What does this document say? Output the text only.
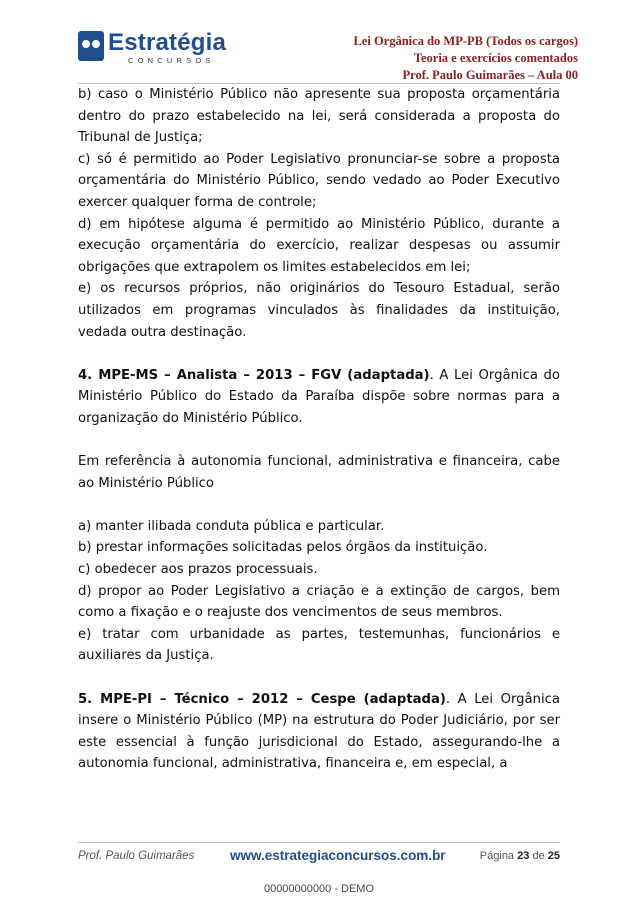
Estratégia
CONCURSOS
Lei Orgânica do MP-PB (Todos os cargos)
Teoria e exercícios comentados
Prof. Paulo Guimarães – Aula 00

b) caso o Ministério Público não apresente sua proposta orçamentária dentro do prazo estabelecido na lei, será considerada a proposta do Tribunal de Justiça;

c) só é permitido ao Poder Legislativo pronunciar-se sobre a proposta orçamentária do Ministério Público, sendo vedado ao Poder Executivo exercer qualquer forma de controle;

d) em hipótese alguma é permitido ao Ministério Público, durante a execução orçamentária do exercício, realizar despesas ou assumir obrigações que extrapolem os limites estabelecidos em lei;

e) os recursos próprios, não originários do Tesouro Estadual, serão utilizados em programas vinculados às finalidades da instituição, vedada outra destinação.

4. MPE-MS – Analista – 2013 – FGV (adaptada). A Lei Orgânica do Ministério Público do Estado da Paraíba dispõe sobre normas para a organização do Ministério Público.

Em referência à autonomia funcional, administrativa e financeira, cabe ao Ministério Público

a) manter ilibada conduta pública e particular.

b) prestar informações solicitadas pelos órgãos da instituição.

c) obedecer aos prazos processuais.

d) propor ao Poder Legislativo a criação e a extinção de cargos, bem como a fixação e o reajuste dos vencimentos de seus membros.

e) tratar com urbanidade as partes, testemunhas, funcionários e auxiliares da Justiça.

5. MPE-PI – Técnico – 2012 – Cespe (adaptada). A Lei Orgânica insere o Ministério Público (MP) na estrutura do Poder Judiciário, por ser este essencial à função jurisdicional do Estado, assegurando-lhe a autonomia funcional, administrativa, financeira e, em especial, a

Prof. Paulo Guimarães	www.estrategiaconcursos.com.br	Página 23 de 25
00000000000 - DEMO
